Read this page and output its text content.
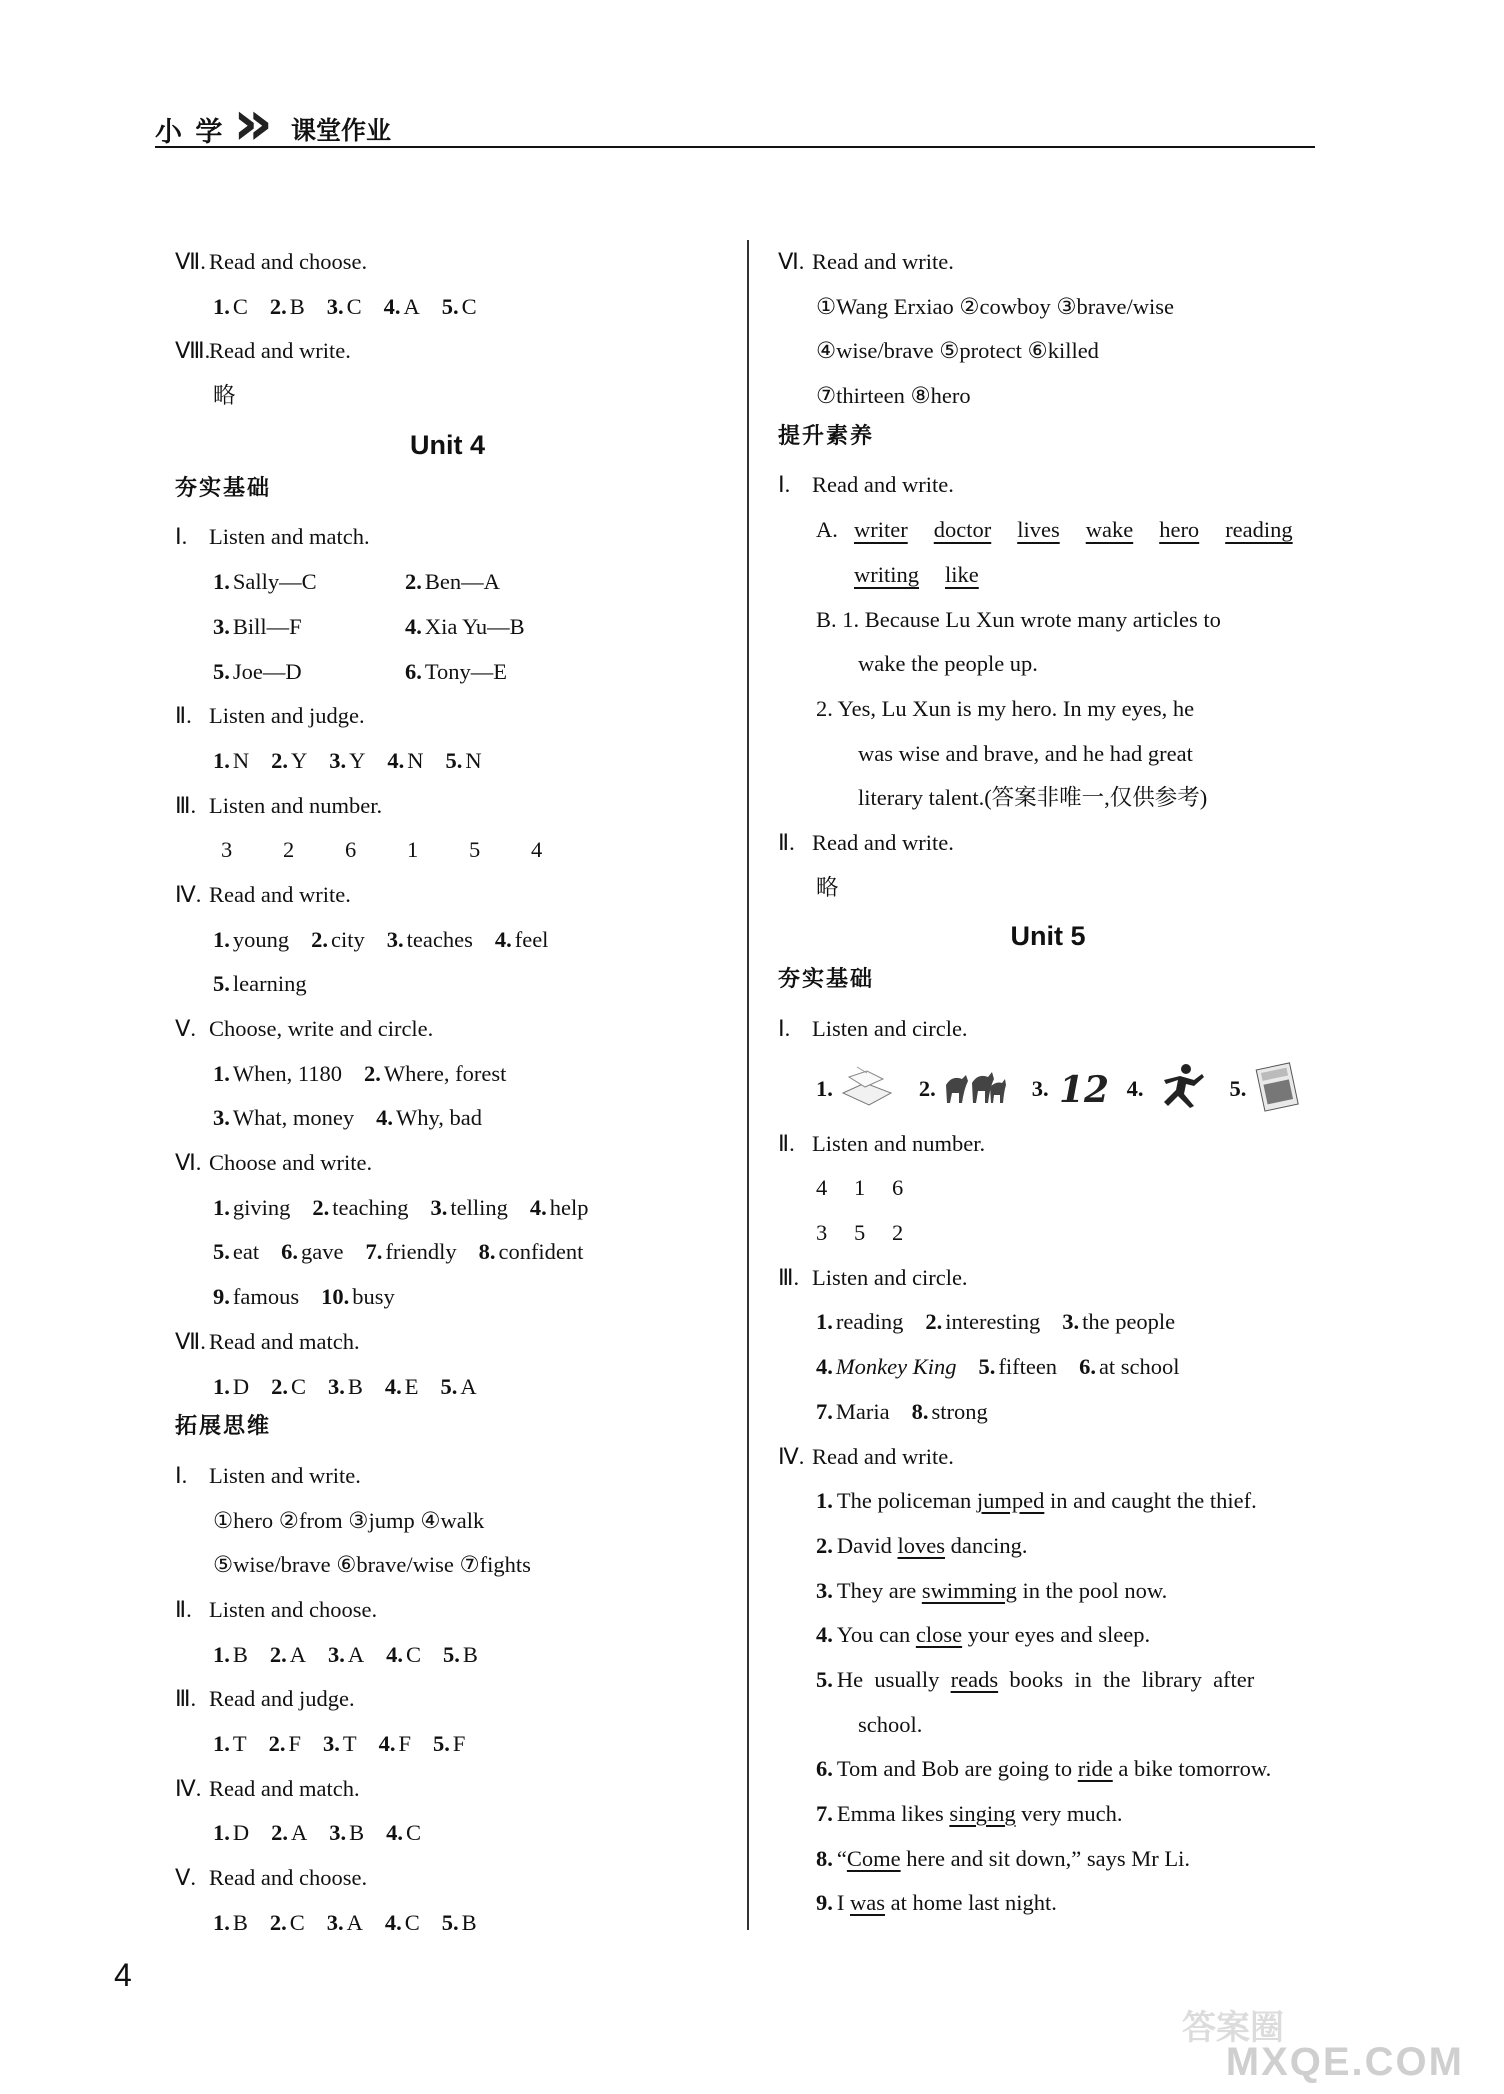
小 学 » 课堂作业
Ⅶ. Read and choose.
1. C 2. B 3. C 4. A 5. C
Ⅷ.Read and write.
略
Unit 4
夯实基础
Ⅰ. Listen and match.
1. Sally—C	2. Ben—A
3. Bill—F	4. Xia Yu—B
5. Joe—D	6. Tony—E
Ⅱ. Listen and judge.
1. N 2. Y 3. Y 4. N 5. N
Ⅲ. Listen and number.
3 2 6 1 5 4
Ⅳ. Read and write.
1. young 2. city 3. teaches 4. feel
5. learning
Ⅴ. Choose, write and circle.
1. When, 1180 2. Where, forest
3. What, money 4. Why, bad
Ⅵ. Choose and write.
1. giving 2. teaching 3. telling 4. help
5. eat 6. gave 7. friendly 8. confident
9. famous 10. busy
Ⅶ. Read and match.
1. D 2. C 3. B 4. E 5. A
拓展思维
Ⅰ. Listen and write.
①hero ②from ③jump ④walk
⑤wise/brave ⑥brave/wise ⑦fights
Ⅱ. Listen and choose.
1. B 2. A 3. A 4. C 5. B
Ⅲ. Read and judge.
1. T 2. F 3. T 4. F 5. F
Ⅳ. Read and match.
1. D 2. A 3. B 4. C
Ⅴ. Read and choose.
1. B 2. C 3. A 4. C 5. B
Ⅵ. Read and write.
①Wang Erxiao ②cowboy ③brave/wise
④wise/brave ⑤protect ⑥killed
⑦thirteen ⑧hero
提升素养
Ⅰ. Read and write.
A. writer doctor lives wake hero reading
writing like
B. 1. Because Lu Xun wrote many articles to
wake the people up.
2. Yes, Lu Xun is my hero. In my eyes, he
was wise and brave, and he had great
literary talent.(答案非唯一,仅供参考)
Ⅱ. Read and write.
略
Unit 5
夯实基础
Ⅰ. Listen and circle.
1.	2.	3. 12 4.	5.
Ⅱ. Listen and number.
4 1 6
3 5 2
Ⅲ. Listen and circle.
1. reading 2. interesting 3. the people
4. Monkey King 5. fifteen 6. at school
7. Maria 8. strong
Ⅳ. Read and write.
1. The policeman jumped in and caught the thief.
2. David loves dancing.
3. They are swimming in the pool now.
4. You can close your eyes and sleep.
5. He  usually  reads  books  in  the  library  after
school.
6. Tom and Bob are going to ride a bike tomorrow.
7. Emma likes singing very much.
8. “Come here and sit down,” says Mr Li.
9. I was at home last night.
4
答案圈
MXQE.COM
